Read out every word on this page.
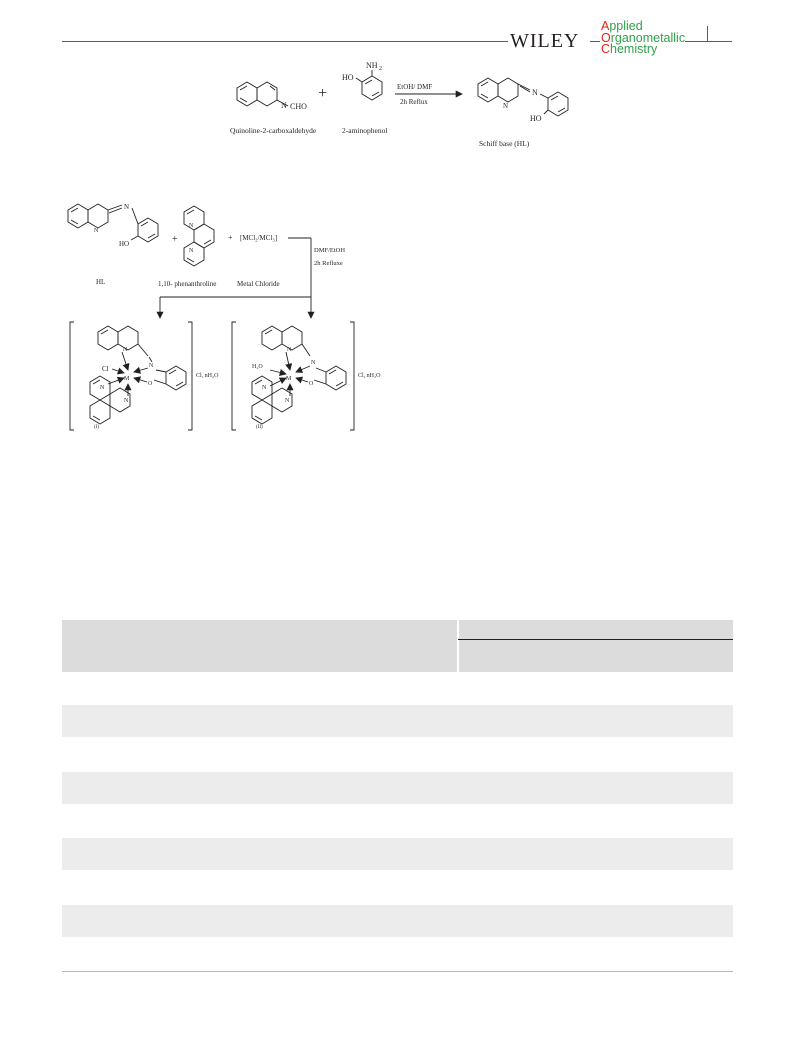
WILEY
Applied
Organometallic
Chemistry
N CHO
+
HO
NH 2
EtOH/ DMF
2h Reflux
Quinoline-2-carboxaldehyde	2-aminophenol
N
N
HO
Schiff base (HL)
N
N
HO	+
N
N
+ [MCl₂/MCl₃]
DMF/EtOH
2h Refluxe
HL	1,10- phenanthroline	Metal Chloride
N
N
Cl
M
O
N
N
(I)
Cl, nH₂O
N
N
H₂O
M
O
N
N
(II)
Cl, nH₂O
